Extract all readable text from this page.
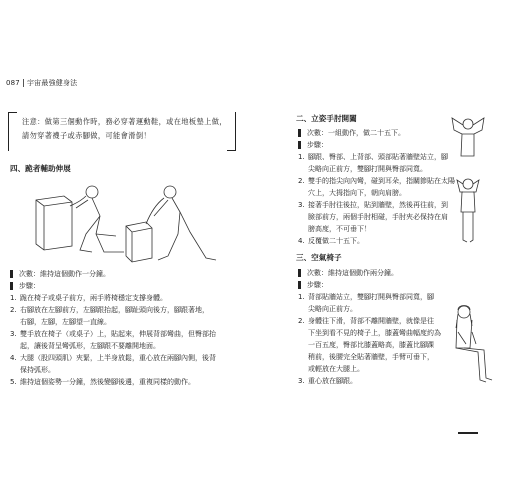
087 宇宙最強健身法
注意：做第三個動作時，務必穿著運動鞋，或在地板墊上做，請勿穿著襪子或赤腳做，可能會滑倒！
四、跪者輔助伸展
次數：維持這個動作一分鐘。
步驟：
1. 跪在椅子或桌子前方，兩手將椅穩定支撐身體。
2. 右腳放在左腳前方，左腳跟抬起，腳趾頭向後方，腳跟著地，
右腳，左腳，左腳望一直線。
3. 雙手放在椅子（或桌子）上，貼起來，伸展背部彎曲，但臀部抬
起，讓後背呈彎弧形，左腳跟不要離開地面。
4. 大腿（股四頭肌）夾緊，上半身放鬆，重心放在兩腳內側，後背
保持弧形。
5. 維持這個姿勢一分鐘，然後變腳後邊，重複同樣的動作。
二、立姿手肘開闔
次數：一組動作，做二十五下。
步驟：
1. 腳跟、臀部、上背部、頭部貼著牆壁站立，腳
尖略向正前方，雙腳打開與臀部同寬。
2. 雙手的指尖向內彎，碰到耳朵，指關節貼在太陽
穴上，大拇指向下，朝向肩膀。
3. 接著手肘往後拉，貼到牆壁，然後再往前，到
臉部前方，兩個手肘相碰，手肘夾必保持在肩
膀高度，不可垂下！
4. 反覆做二十五下。
三、空氣椅子
次數：維持這個動作兩分鐘。
步驟：
1. 背部貼牆站立，雙腳打開與臀部同寬，腳
尖略向正前方。
2. 身體往下滑，背部不離開牆壁，就像是往
下坐到看不見的椅子上，膝蓋彎曲幅度約為
一百五度，臀部比膝蓋略高，膝蓋比腳踝
稍前，後腰完全貼著牆壁，手臂可垂下，
或輕放在大腿上。
3. 重心放在腳跟。
